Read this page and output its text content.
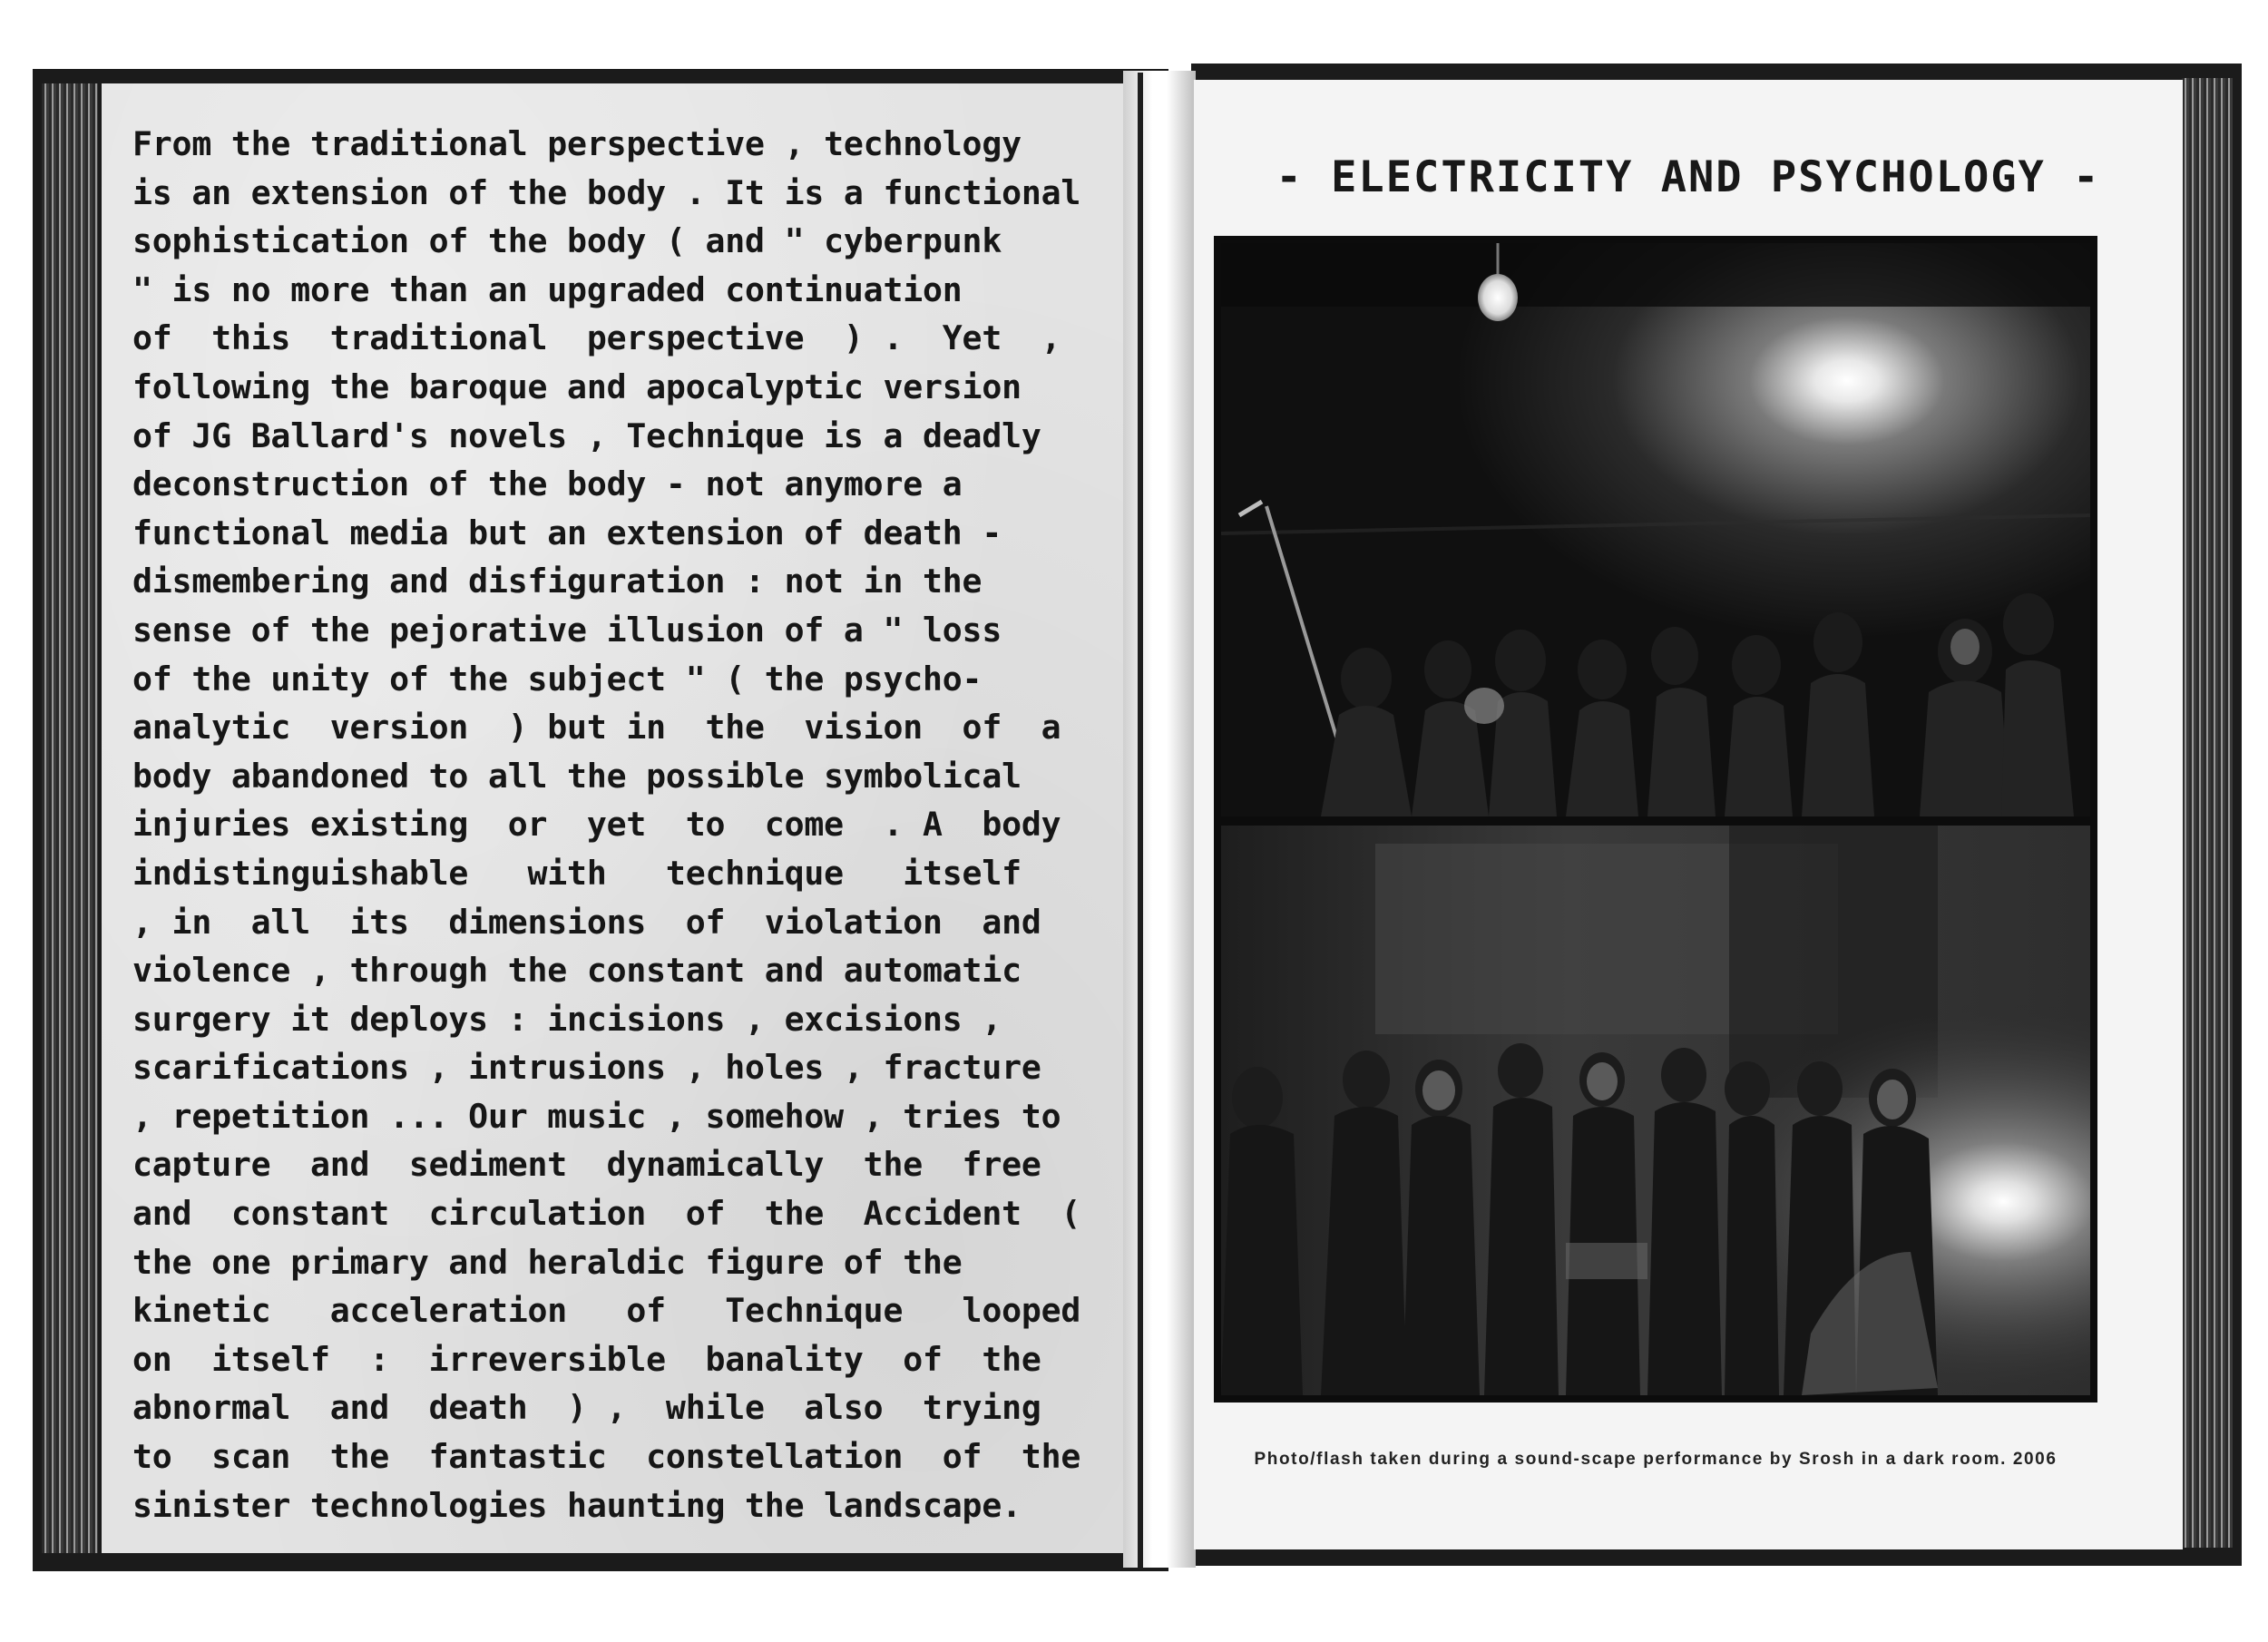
From the traditional perspective , technology
is an extension of the body . It is a functional
sophistication of the body ( and " cyberpunk
" is no more than an upgraded continuation
of  this  traditional  perspective  ) .  Yet  ,
following the baroque and apocalyptic version
of JG Ballard's novels , Technique is a deadly
deconstruction of the body - not anymore a
functional media but an extension of death -
dismembering and disfiguration : not in the
sense of the pejorative illusion of a " loss
of the unity of the subject " ( the psycho-
analytic  version  ) but in  the  vision  of  a
body abandoned to all the possible symbolical
injuries existing  or  yet  to  come  . A  body
indistinguishable   with   technique   itself
, in  all  its  dimensions  of  violation  and
violence , through the constant and automatic
surgery it deploys : incisions , excisions ,
scarifications , intrusions , holes , fracture
, repetition ... Our music , somehow , tries to
capture  and  sediment  dynamically  the  free
and  constant  circulation  of  the  Accident  (
the one primary and heraldic figure of the
kinetic   acceleration   of   Technique   looped
on  itself  :  irreversible  banality  of  the
abnormal  and  death  ) ,  while  also  trying
to  scan  the  fantastic  constellation  of  the
sinister technologies haunting the landscape.
- ELECTRICITY AND PSYCHOLOGY -

Photo/flash taken during a sound-scape performance by Srosh in a dark room. 2006
